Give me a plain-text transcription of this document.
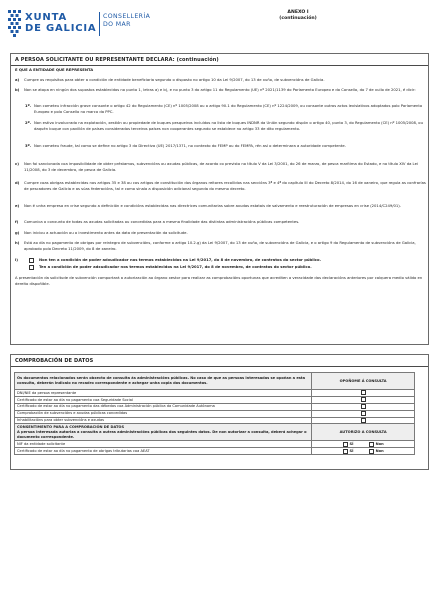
XUNTA
DE GALICIA
CONSELLERÍA
DO MAR
ANEXO I
(continuación)
A PERSOA SOLICITANTE OU REPRESENTANTE DECLARA: (continuación)
E QUE A ENTIDADE QUE REPRESENTA
a) Cumpre os requisitos para obter a condición de entidade beneficiaria segundo o disposto no artigo 10 da Lei 9/2007, do 13 de xuño, de subvencións de Galicia.
b) Non se atopa en ningún dos supostos establecidos no punto 1, letras a) e b), e no punto 3 do artigo 11 do Regulamento (UE) nº 2021/1139 do Parlamento Europeo e do Consello, do 7 de xullo de 2021, é dicir:
1º. Non cometeu infracción grave consonte o artigo 42 do Regulamento (CE) nº 1005/2008 ou o artigo 90.1 do Regulamento (CE) nº 1224/2009, ou consonte outros actos lexislativos adoptados polo Parlamento Europeo e polo Consello no marco da PPC.
2º. Non estivo involucrado na explotación, xestión ou propiedade de buques pesqueiros incluídos na lista de buques INDNR da Unión segundo dispón o artigo 40, punto 3, do Regulamento (CE) nº 1005/2008, ou daquén buque con pavillón de países considerados terceiros países non cooperantes segundo se establece no artigo 33 de dito regulamento.
3º. Non cometeu fraude, tal como se define no artigo 3 da Directiva (UE) 2017/1371, no contexto do FEMP ou do FEMPA, rén así o determinara a autoridade competente.
c) Non foi sancionada coa imposibilidade de obter préstamos, subvencións ou axudas públicas, de acordo co previsto no título V da Lei 3/2001, do 26 de marzo, de pesca marítima do Estado, e no título XIV da Lei 11/2008, do 3 de decembro, de pesca de Galicia.
d) Cumpre coas obrigas establecidas nos artigos 35 e 38 ou cos artigos de constitución dos órganos reitores recollidos nas seccións 3ª e 4ª do capítulo III do Decreto 8/2014, do 16 de xaneiro, que regula as confrarías de pescadores de Galicia e as súas federacións, tal e como sinala a disposición adicional segunda do mesmo decreto.
e) Non é unha empresa en crise segundo a definición e condicións establecidas nas directrices comunitarias sobre axudas estatais de salvamento e reestruturación de empresas en crise (2014/C249/01).
f) Comunica o conxunto de todas as axudas solicitadas ou concedidas para a mesma finalidade das distintas administracións públicas competentes.
g) Non iniciou a actuación ou o investimento antes da data de presentación da solicitude.
h) Está ao día no pagamento de obrigas por reintegro de subvencións, conforme o artigo 10.2.g) da Lei 9/2007, do 13 de xuño, de subvencións de Galicia, e o artigo 9 do Regulamento de subvencións de Galicia, aprobado polo Decreto 11/2009, do 8 de xaneiro.
i)	Non ten a condición de poder adxudicador nos termos establecidos na Lei 9/2017, do 8 de novembro, de contratos do sector público.
Ten a condición de poder adxudicador nos termos establecidos na Lei 9/2017, do 8 de novembro, de contratos do sector público.
A presentación da solicitude de subvención comportará a autorización ao órgano xestor para realizar as comprobacións oportunas que acrediten a veracidade das declaracións anteriores por calquera medio válido en dereito dispoñible.
COMPROBACIÓN DE DATOS
Os documentos relacionados serán obxecto de consulta ás administracións públicas. No caso de que as persoas interesadas se opoñan a esta consulta, deberán indicalo no recadro correspondente e achegar unha copia dos documentos.	OPOÑOME Á CONSULTA
DNI/NIE da persoa representante	
Certificado de estar ao día no pagamento coa Seguridade Social	
Certificado de estar ao día no pagamento das débedas coa Administración pública da Comunidade Autónoma	
Comprobación de subvencións e axudas públicas concedidas	
Inhabilitacións para obter subvencións e axudas	

CONSENTIMENTO PARA A COMPROBACIÓN DE DATOS
A persoa interesada autoriza a consulta a outras administracións públicas dos seguintes datos. De non autorizar a consulta, deberá achegar o documento correspondente.	AUTORIZO A CONSULTA
NIF da entidade solicitante	SÍ Non
Certificado de estar ao día no pagamento de obrigas tributarias coa AEAT	SÍ Non
